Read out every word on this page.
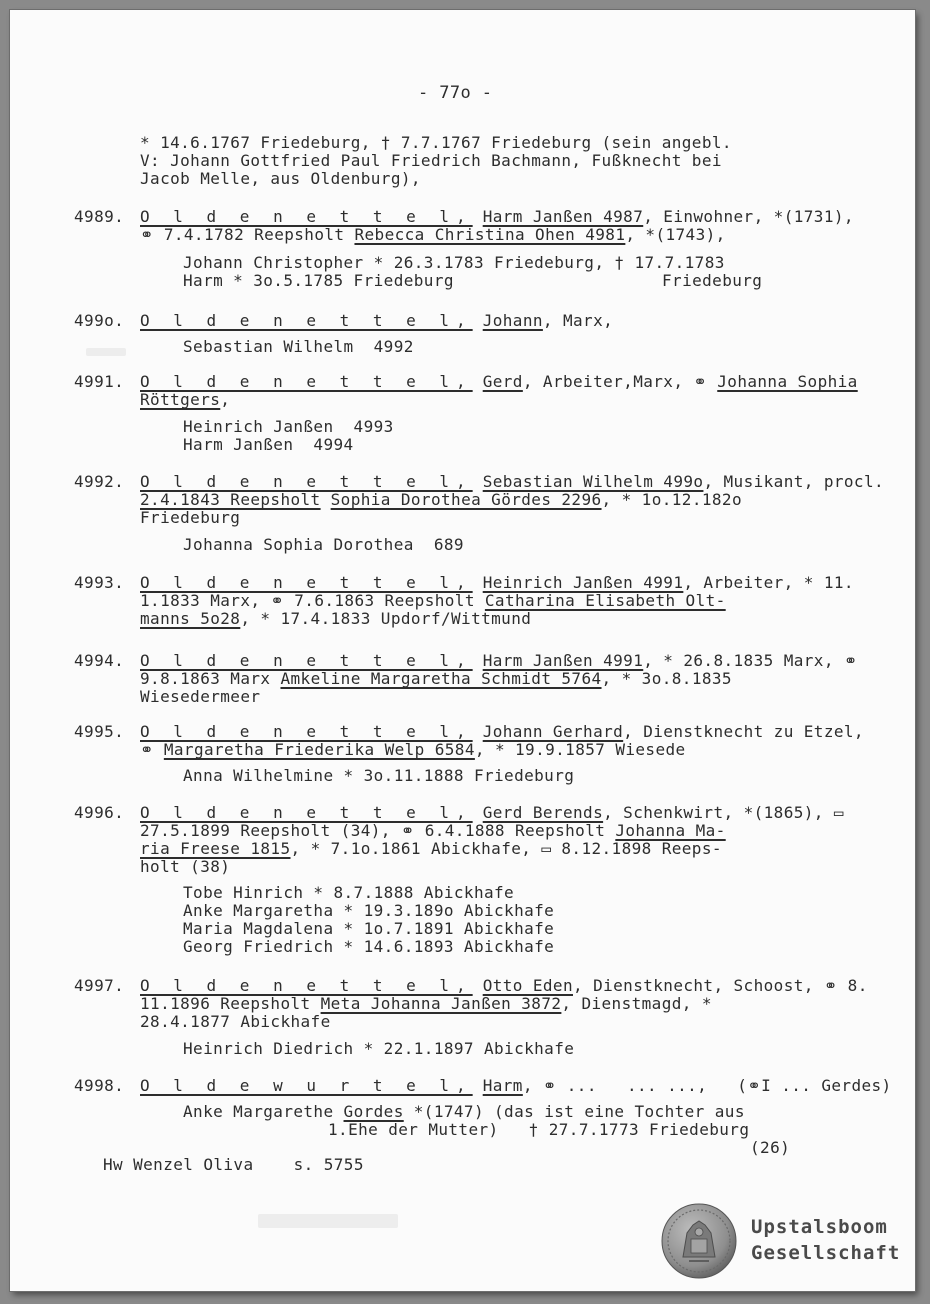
- 77o -
* 14.6.1767 Friedeburg, † 7.7.1767 Friedeburg (sein angebl.
V: Johann Gottfried Paul Friedrich Bachmann, Fußknecht bei
Jacob Melle, aus Oldenburg),
4989. O l d e n e t t e l, Harm Janßen 4987, Einwohner, *(1731),
⚭ 7.4.1782 Reepsholt Rebecca Christina Ohen 4981, *(1743),
Johann Christopher * 26.3.1783 Friedeburg, † 17.7.1783
Harm * 3o.5.1785 Friedeburg	Friedeburg
499o. O l d e n e t t e l, Johann, Marx,
Sebastian Wilhelm  4992
4991. O l d e n e t t e l, Gerd, Arbeiter,Marx, ⚭ Johanna Sophia
Röttgers,
Heinrich Janßen  4993
Harm Janßen  4994
4992. O l d e n e t t e l, Sebastian Wilhelm 499o, Musikant, procl.
2.4.1843 Reepsholt Sophia Dorothea Gördes 2296, * 1o.12.182o
Friedeburg
Johanna Sophia Dorothea  689
4993. O l d e n e t t e l, Heinrich Janßen 4991, Arbeiter, * 11.
1.1833 Marx, ⚭ 7.6.1863 Reepsholt Catharina Elisabeth Olt-
manns 5o28, * 17.4.1833 Updorf/Wittmund
4994. O l d e n e t t e l, Harm Janßen 4991, * 26.8.1835 Marx, ⚭
9.8.1863 Marx Amkeline Margaretha Schmidt 5764, * 3o.8.1835
Wiesedermeer
4995. O l d e n e t t e l, Johann Gerhard, Dienstknecht zu Etzel,
⚭ Margaretha Friederika Welp 6584, * 19.9.1857 Wiesede
Anna Wilhelmine * 3o.11.1888 Friedeburg
4996. O l d e n e t t e l, Gerd Berends, Schenkwirt, *(1865), ▭
27.5.1899 Reepsholt (34), ⚭ 6.4.1888 Reepsholt Johanna Ma-
ria Freese 1815, * 7.1o.1861 Abickhafe, ▭ 8.12.1898 Reeps-
holt (38)
Tobe Hinrich * 8.7.1888 Abickhafe
Anke Margaretha * 19.3.189o Abickhafe
Maria Magdalena * 1o.7.1891 Abickhafe
Georg Friedrich * 14.6.1893 Abickhafe
4997. O l d e n e t t e l, Otto Eden, Dienstknecht, Schoost, ⚭ 8.
11.1896 Reepsholt Meta Johanna Janßen 3872, Dienstmagd, *
28.4.1877 Abickhafe
Heinrich Diedrich * 22.1.1897 Abickhafe
4998. O l d e w u r t e l, Harm, ⚭ ...   ... ...,   (⚭I ... Gerdes)
Anke Margarethe Gordes *(1747) (das ist eine Tochter aus
1.Ehe der Mutter)   † 27.7.1773 Friedeburg
(26)
Hw Wenzel Oliva    s. 5755
Upstalsboom
Gesellschaft
